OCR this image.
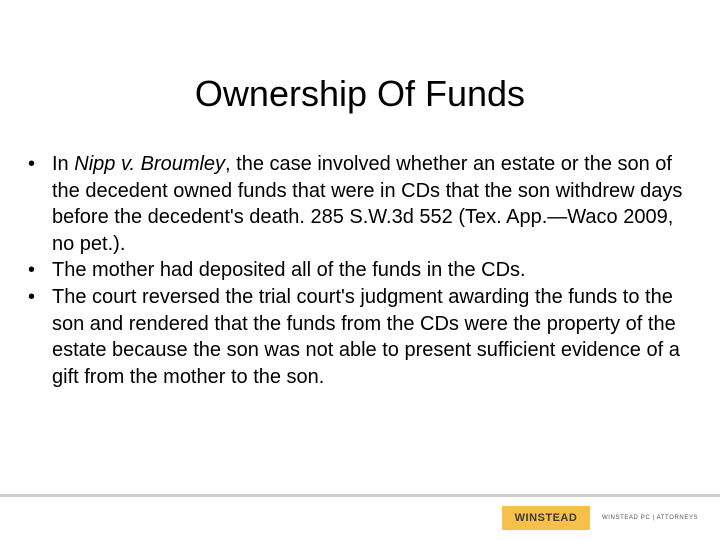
Ownership Of Funds
• In Nipp v. Broumley, the case involved whether an estate or the son of the decedent owned funds that were in CDs that the son withdrew days before the decedent's death. 285 S.W.3d 552 (Tex. App.—Waco 2009, no pet.).
• The mother had deposited all of the funds in the CDs.
• The court reversed the trial court's judgment awarding the funds to the son and rendered that the funds from the CDs were the property of the estate because the son was not able to present sufficient evidence of a gift from the mother to the son.
WINSTEAD	WINSTEAD PC | ATTORNEYS
